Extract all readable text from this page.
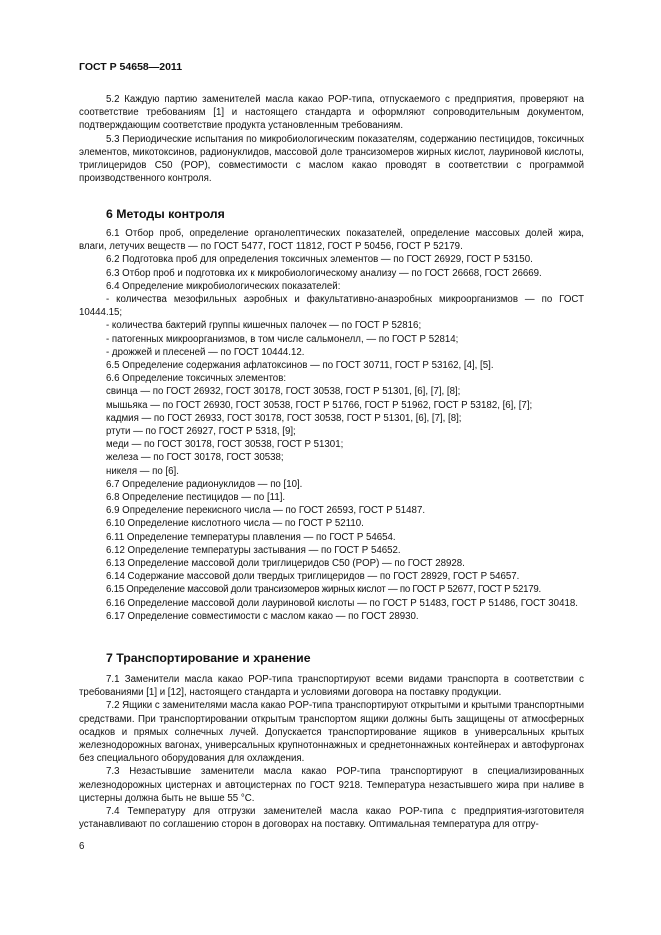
ГОСТ Р 54658—2011

5.2 Каждую партию заменителей масла какао POP-типа, отпускаемого с предприятия, проверяют на соответствие требованиям [1] и настоящего стандарта и оформляют сопроводительным документом, подтверждающим соответствие продукта установленным требованиям.

5.3 Периодические испытания по микробиологическим показателям, содержанию пестицидов, токсичных элементов, микотоксинов, радионуклидов, массовой доле трансизомеров жирных кислот, лауриновой кислоты, триглицеридов С50 (POP), совместимости с маслом какао проводят в соответствии с программой производственного контроля.

6 Методы контроля

6.1 Отбор проб, определение органолептических показателей, определение массовых долей жира, влаги, летучих веществ — по ГОСТ 5477, ГОСТ 11812, ГОСТ Р 50456, ГОСТ Р 52179.

6.2 Подготовка проб для определения токсичных элементов — по ГОСТ 26929, ГОСТ Р 53150.

6.3 Отбор проб и подготовка их к микробиологическому анализу — по ГОСТ 26668, ГОСТ 26669.

6.4 Определение микробиологических показателей:

- количества мезофильных аэробных и факультативно-анаэробных микроорганизмов — по ГОСТ 10444.15;

- количества бактерий группы кишечных палочек — по ГОСТ Р 52816;

- патогенных микроорганизмов, в том числе сальмонелл, — по ГОСТ Р 52814;

- дрожжей и плесеней — по ГОСТ 10444.12.

6.5 Определение содержания афлатоксинов — по ГОСТ 30711, ГОСТ Р 53162, [4], [5].

6.6 Определение токсичных элементов:

свинца — по ГОСТ 26932, ГОСТ 30178, ГОСТ 30538, ГОСТ Р 51301, [6], [7], [8];

мышьяка — по ГОСТ 26930, ГОСТ 30538, ГОСТ Р 51766, ГОСТ Р 51962, ГОСТ Р 53182, [6], [7];

кадмия — по ГОСТ 26933, ГОСТ 30178, ГОСТ 30538, ГОСТ Р 51301, [6], [7], [8];

ртути — по ГОСТ 26927, ГОСТ Р 5318, [9];

меди — по ГОСТ 30178, ГОСТ 30538, ГОСТ Р 51301;

железа — по ГОСТ 30178, ГОСТ 30538;

никеля — по [6].

6.7 Определение радионуклидов — по [10].

6.8 Определение пестицидов — по [11].

6.9 Определение перекисного числа — по ГОСТ 26593, ГОСТ Р 51487.

6.10 Определение кислотного числа — по ГОСТ Р 52110.

6.11 Определение температуры плавления — по ГОСТ Р 54654.

6.12 Определение температуры застывания — по ГОСТ Р 54652.

6.13 Определение массовой доли триглицеридов С50 (POP) — по ГОСТ 28928.

6.14 Содержание массовой доли твердых триглицеридов — по ГОСТ 28929, ГОСТ Р 54657.

6.15 Определение массовой доли трансизомеров жирных кислот — по ГОСТ Р 52677, ГОСТ Р 52179.

6.16 Определение массовой доли лауриновой кислоты — по ГОСТ Р 51483, ГОСТ Р 51486, ГОСТ 30418.

6.17 Определение совместимости с маслом какао — по ГОСТ 28930.

7 Транспортирование и хранение

7.1 Заменители масла какао POP-типа транспортируют всеми видами транспорта в соответствии с требованиями [1] и [12], настоящего стандарта и условиями договора на поставку продукции.

7.2 Ящики с заменителями масла какао POP-типа транспортируют открытыми и крытыми транспортными средствами. При транспортировании открытым транспортом ящики должны быть защищены от атмосферных осадков и прямых солнечных лучей. Допускается транспортирование ящиков в универсальных крытых железнодорожных вагонах, универсальных крупнотоннажных и среднетоннажных контейнерах и автофургонах без специального оборудования для охлаждения.

7.3 Незастывшие заменители масла какао POP-типа транспортируют в специализированных железнодорожных цистернах и автоцистернах по ГОСТ 9218. Температура незастывшего жира при наливе в цистерны должна быть не выше 55 °С.

7.4 Температуру для отгрузки заменителей масла какао POP-типа с предприятия-изготовителя устанавливают по соглашению сторон в договорах на поставку. Оптимальная температура для отгру-

6
